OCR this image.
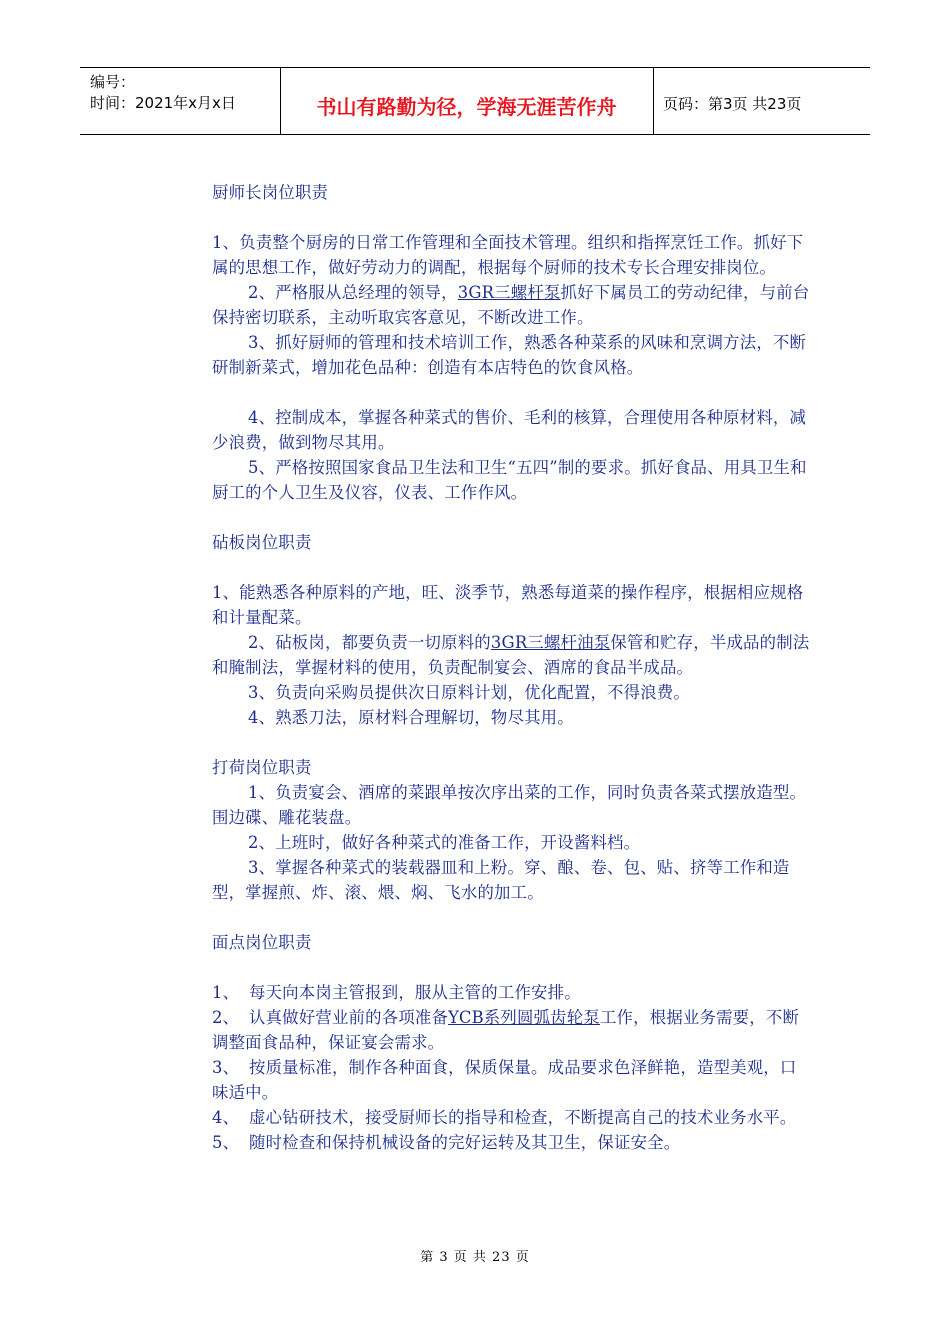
编号：
时间：2021年x月x日	书山有路勤为径，学海无涯苦作舟	页码：第3页 共23页

厨师长岗位职责

1、负责整个厨房的日常工作管理和全面技术管理。组织和指挥烹饪工作。抓好下属的思想工作，做好劳动力的调配，根据每个厨师的技术专长合理安排岗位。

2、严格服从总经理的领导，3GR三螺杆泵抓好下属员工的劳动纪律，与前台保持密切联系，主动听取宾客意见，不断改进工作。

3、抓好厨师的管理和技术培训工作，熟悉各种菜系的风味和烹调方法，不断研制新菜式，增加花色品种：创造有本店特色的饮食风格。

4、控制成本，掌握各种菜式的售价、毛利的核算，合理使用各种原材料，减少浪费，做到物尽其用。

5、严格按照国家食品卫生法和卫生“五四”制的要求。抓好食品、用具卫生和厨工的个人卫生及仪容，仪表、工作作风。

砧板岗位职责

1、能熟悉各种原料的产地，旺、淡季节，熟悉每道菜的操作程序，根据相应规格和计量配菜。

2、砧板岗，都要负责一切原料的3GR三螺杆油泵保管和贮存，半成品的制法和腌制法，掌握材料的使用，负责配制宴会、酒席的食品半成品。

3、负责向采购员提供次日原料计划，优化配置，不得浪费。

4、熟悉刀法，原材料合理解切，物尽其用。

打荷岗位职责

1、负责宴会、酒席的菜跟单按次序出菜的工作，同时负责各菜式摆放造型。围边碟、雕花装盘。

2、上班时，做好各种菜式的准备工作，开设酱料档。

3、掌握各种菜式的装载器皿和上粉。穿、酿、卷、包、贴、挤等工作和造型，掌握煎、炸、滚、煨、焖、飞水的加工。

面点岗位职责

1、 每天向本岗主管报到，服从主管的工作安排。

2、 认真做好营业前的各项准备YCB系列圆弧齿轮泵工作，根据业务需要，不断调整面食品种，保证宴会需求。

3、 按质量标准，制作各种面食，保质保量。成品要求色泽鲜艳，造型美观，口味适中。

4、 虚心钻研技术，接受厨师长的指导和检查，不断提高自己的技术业务水平。

5、 随时检查和保持机械设备的完好运转及其卫生，保证安全。

第 3 页 共 23 页
